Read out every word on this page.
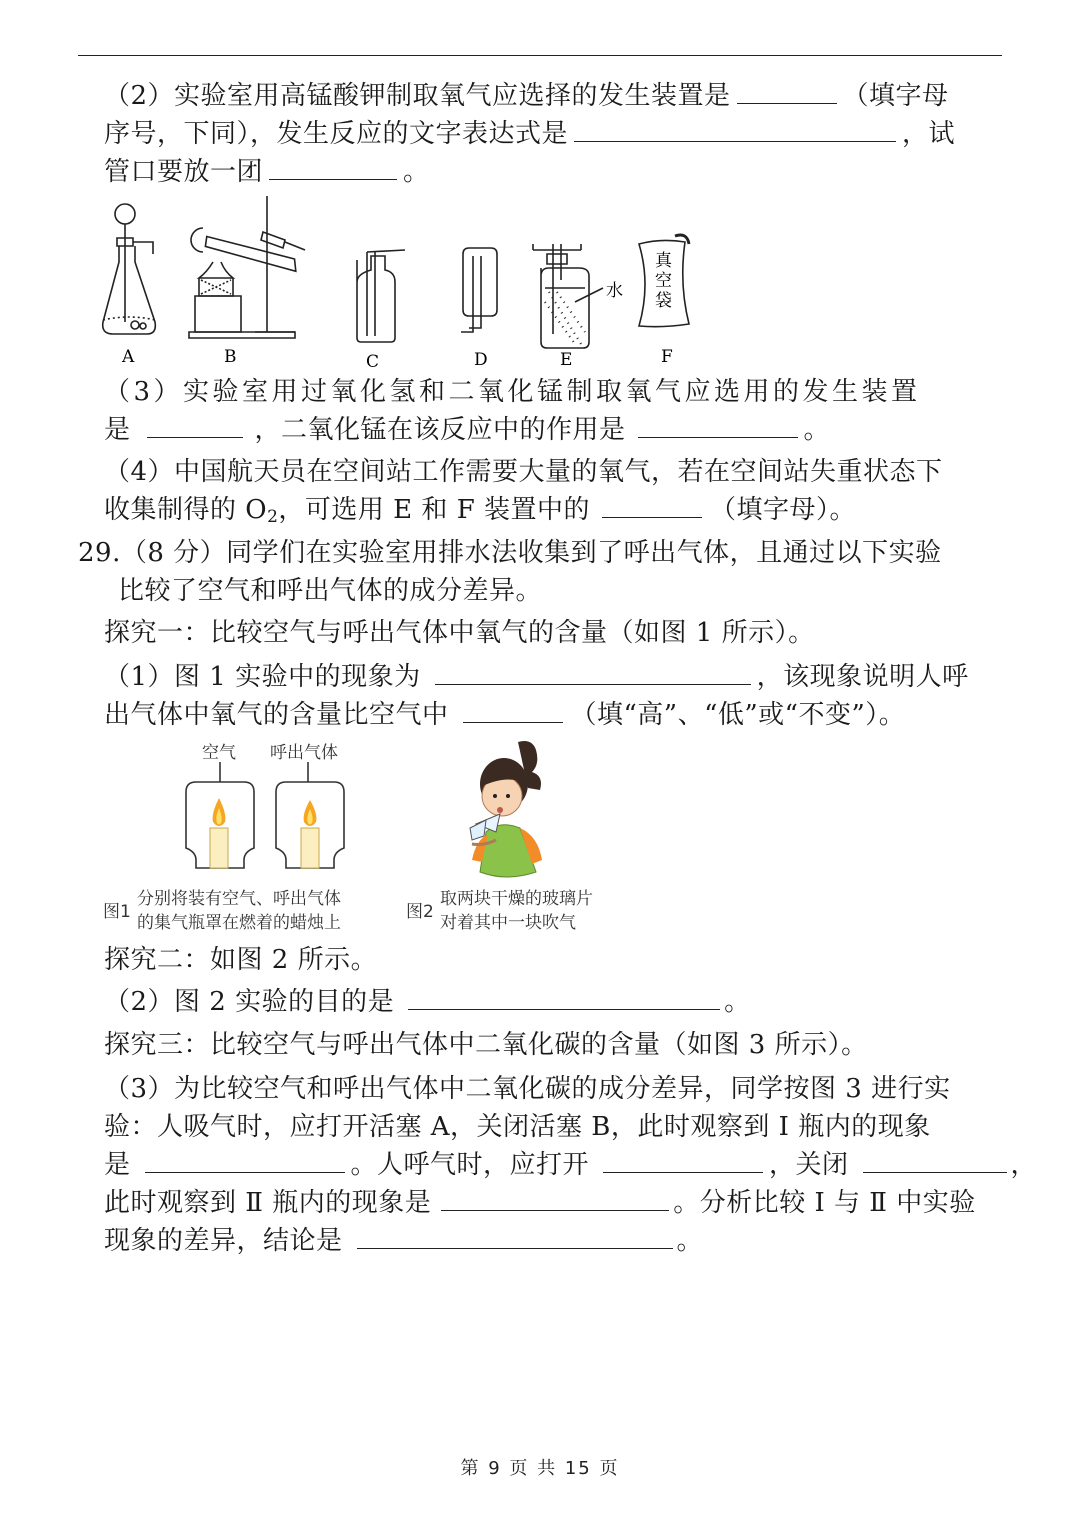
（2）实验室用高锰酸钾制取氧气应选择的发生装置是	（填字母
序号，下同），发生反应的文字表达式是	，试
管口要放一团	。
水
真
空
袋
A	B	C	D	E	F
（3）实验室用过氧化氢和二氧化锰制取氧气应选用的发生装置
是	，二氧化锰在该反应中的作用是	。
（4）中国航天员在空间站工作需要大量的氧气，若在空间站失重状态下
收集制得的 $O_2$，可选用 E 和 F 装置中的	（填字母）。
29.（8 分）同学们在实验室用排水法收集到了呼出气体，且通过以下实验
比较了空气和呼出气体的成分差异。
探究一：比较空气与呼出气体中氧气的含量（如图 1 所示）。
（1）图 1 实验中的现象为	，该现象说明人呼
出气体中氧气的含量比空气中	（填“高”、“低”或“不变”）。
空气 呼出气体
图1
分别将装有空气、呼出气体
的集气瓶罩在燃着的蜡烛上
图2
取两块干燥的玻璃片
对着其中一块吹气
探究二：如图 2 所示。
（2）图 2 实验的目的是	。
探究三：比较空气与呼出气体中二氧化碳的含量（如图 3 所示）。
（3）为比较空气和呼出气体中二氧化碳的成分差异，同学按图 3 进行实
验：人吸气时，应打开活塞 A，关闭活塞 B，此时观察到 Ⅰ 瓶内的现象
是	。人呼气时，应打开	，关闭	，
此时观察到 Ⅱ 瓶内的现象是	。分析比较 Ⅰ 与 Ⅱ 中实验
现象的差异，结论是	。
第 9 页 共 15 页
